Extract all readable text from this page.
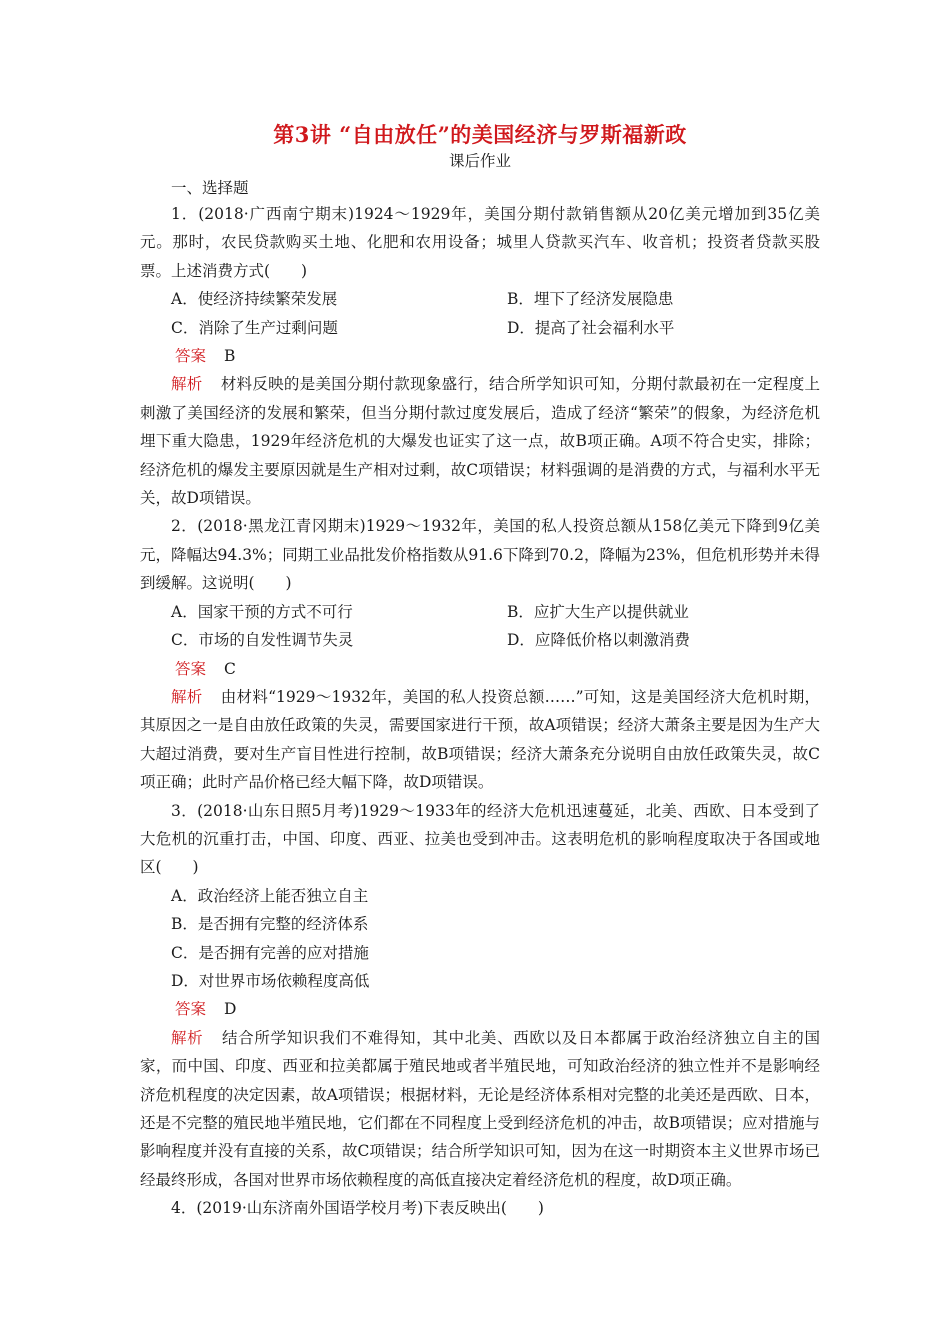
第3讲 “自由放任”的美国经济与罗斯福新政

课后作业

一、选择题

1．(2018·广西南宁期末)1924～1929年，美国分期付款销售额从20亿美元增加到35亿美元。那时，农民贷款购买土地、化肥和农用设备；城里人贷款买汽车、收音机；投资者贷款买股票。上述消费方式(　　)

A．使经济持续繁荣发展	B．埋下了经济发展隐患
C．消除了生产过剩问题	D．提高了社会福利水平
答案 B

解析 材料反映的是美国分期付款现象盛行，结合所学知识可知，分期付款最初在一定程度上刺激了美国经济的发展和繁荣，但当分期付款过度发展后，造成了经济“繁荣”的假象，为经济危机埋下重大隐患，1929年经济危机的大爆发也证实了这一点，故B项正确。A项不符合史实，排除；经济危机的爆发主要原因就是生产相对过剩，故C项错误；材料强调的是消费的方式，与福利水平无关，故D项错误。

2．(2018·黑龙江青冈期末)1929～1932年，美国的私人投资总额从158亿美元下降到9亿美元，降幅达94.3%；同期工业品批发价格指数从91.6下降到70.2，降幅为23%，但危机形势并未得到缓解。这说明(　　)

A．国家干预的方式不可行	B．应扩大生产以提供就业
C．市场的自发性调节失灵	D．应降低价格以刺激消费
答案 C

解析 由材料“1929～1932年，美国的私人投资总额……”可知，这是美国经济大危机时期，其原因之一是自由放任政策的失灵，需要国家进行干预，故A项错误；经济大萧条主要是因为生产大大超过消费，要对生产盲目性进行控制，故B项错误；经济大萧条充分说明自由放任政策失灵，故C项正确；此时产品价格已经大幅下降，故D项错误。

3．(2018·山东日照5月考)1929～1933年的经济大危机迅速蔓延，北美、西欧、日本受到了大危机的沉重打击，中国、印度、西亚、拉美也受到冲击。这表明危机的影响程度取决于各国或地区(　　)

A．政治经济上能否独立自主
B．是否拥有完整的经济体系
C．是否拥有完善的应对措施
D．对世界市场依赖程度高低
答案 D

解析 结合所学知识我们不难得知，其中北美、西欧以及日本都属于政治经济独立自主的国家，而中国、印度、西亚和拉美都属于殖民地或者半殖民地，可知政治经济的独立性并不是影响经济危机程度的决定因素，故A项错误；根据材料，无论是经济体系相对完整的北美还是西欧、日本，还是不完整的殖民地半殖民地，它们都在不同程度上受到经济危机的冲击，故B项错误；应对措施与影响程度并没有直接的关系，故C项错误；结合所学知识可知，因为在这一时期资本主义世界市场已经最终形成，各国对世界市场依赖程度的高低直接决定着经济危机的程度，故D项正确。

4．(2019·山东济南外国语学校月考)下表反映出(　　)
